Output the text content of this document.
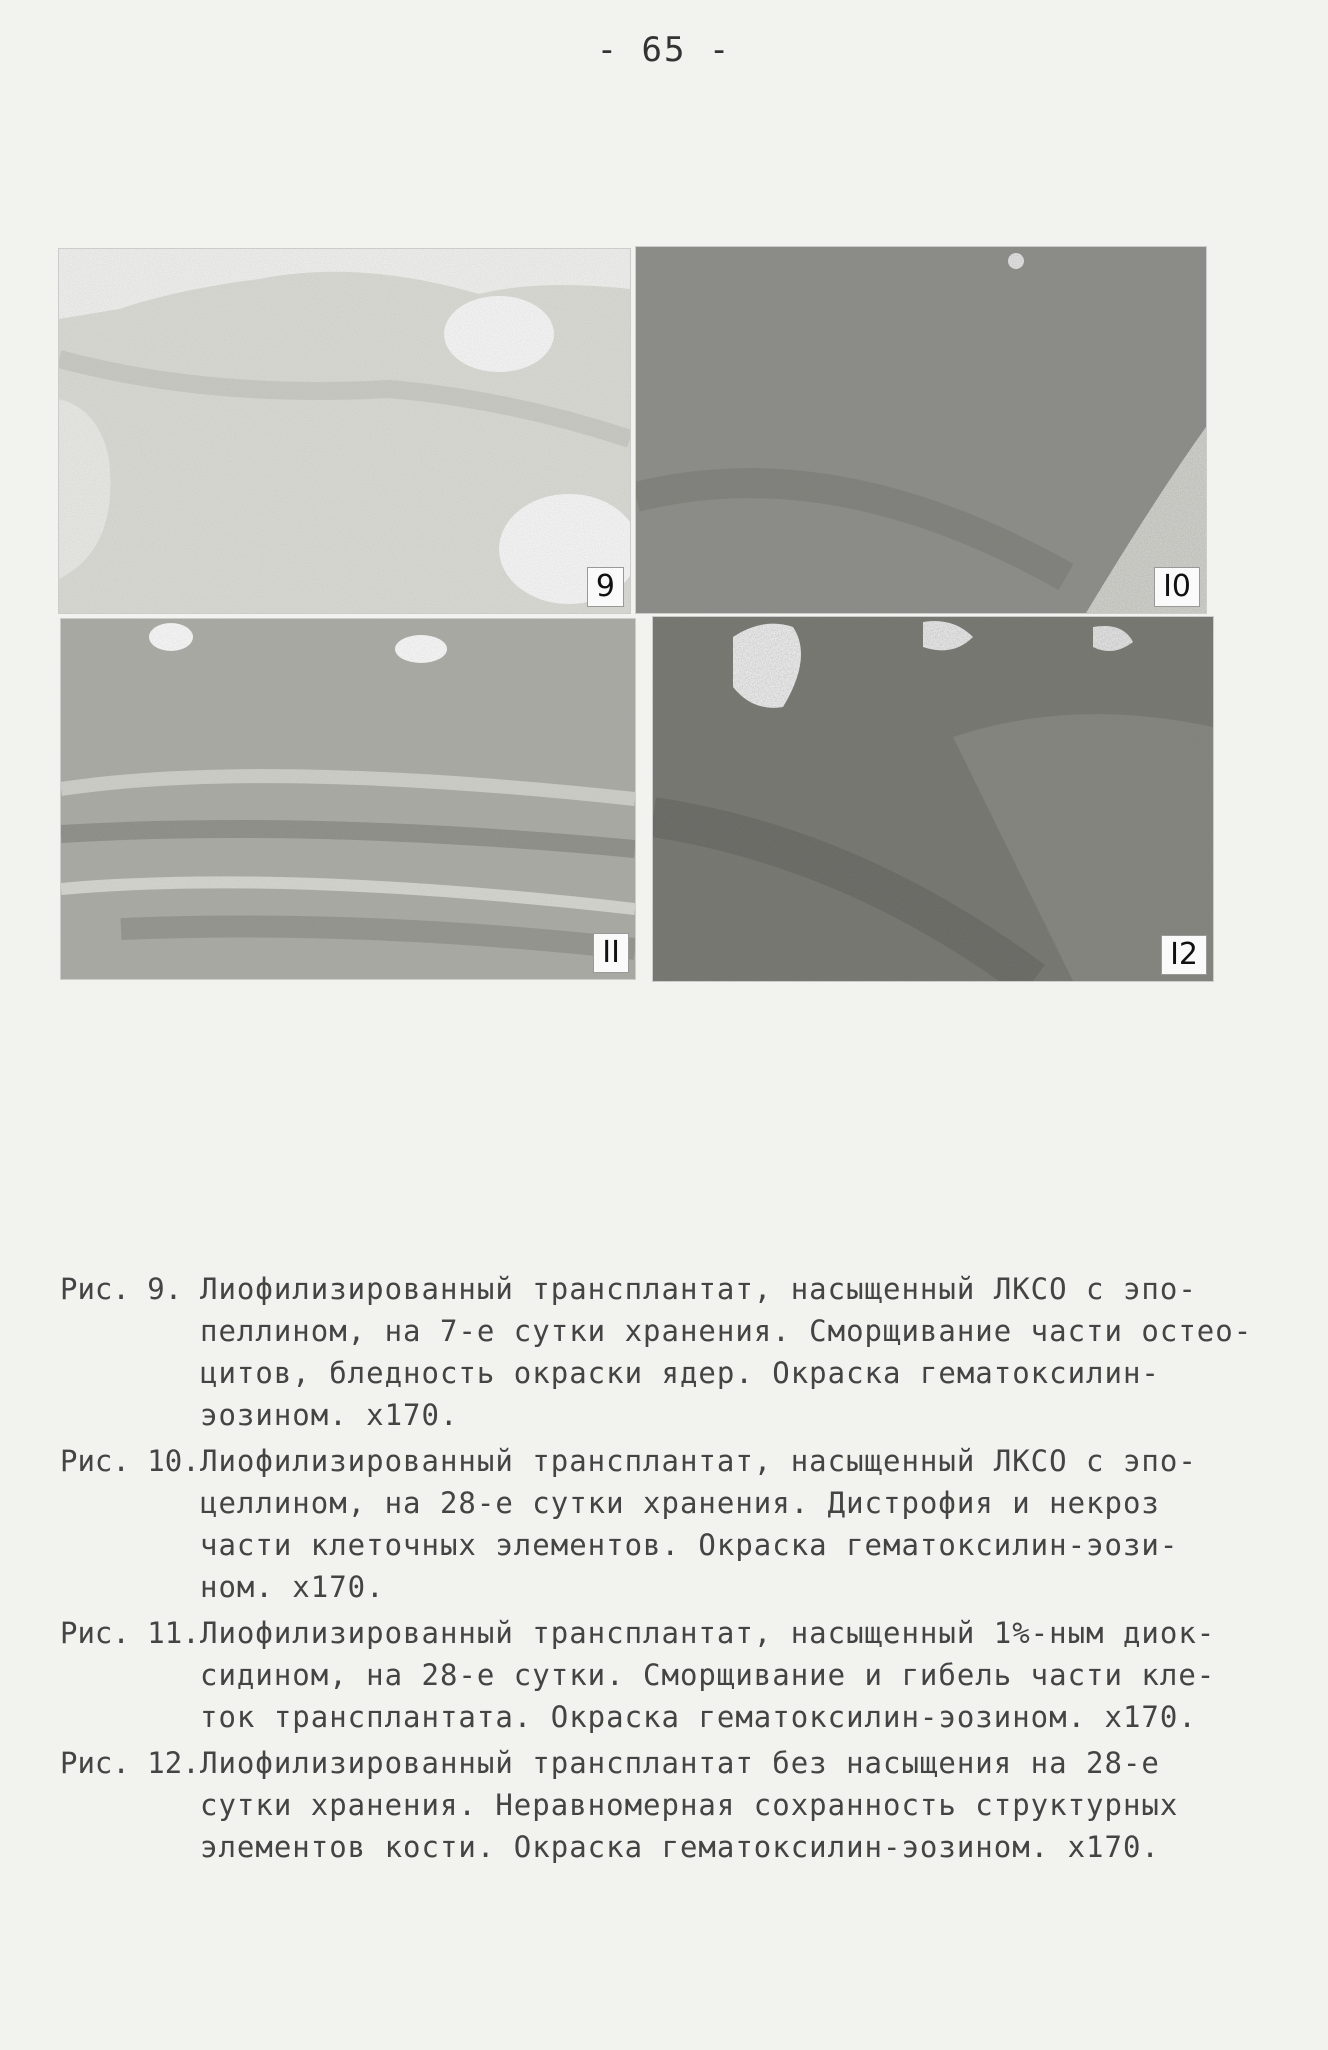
- 65 -
9	I0
II	I2
Рис. 9. Лиофилизированный трансплантат, насыщенный ЛКСО с эпо-
пеллином, на 7-е сутки хранения. Сморщивание части остео-
цитов, бледность окраски ядер. Окраска гематоксилин-
эозином. х170.
Рис. 10. Лиофилизированный трансплантат, насыщенный ЛКСО с эпо-
целлином, на 28-е сутки хранения. Дистрофия и некроз
части клеточных элементов. Окраска гематоксилин-эози-
ном. х170.
Рис. 11. Лиофилизированный трансплантат, насыщенный 1%-ным диок-
сидином, на 28-е сутки. Сморщивание и гибель части кле-
ток трансплантата. Окраска гематоксилин-эозином. х170.
Рис. 12. Лиофилизированный трансплантат без насыщения на 28-е
сутки хранения. Неравномерная сохранность структурных
элементов кости. Окраска гематоксилин-эозином. х170.
